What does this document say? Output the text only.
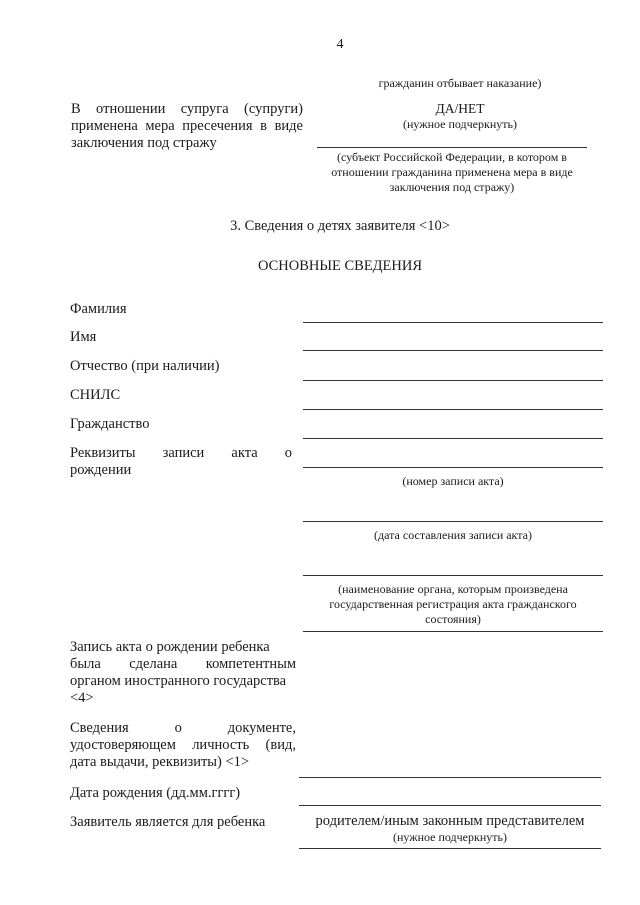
4
гражданин отбывает наказание)
В отношении супруга (супруги)
применена мера пресечения в виде
заключения под стражу
ДА/НЕТ
(нужное подчеркнуть)
(субъект Российской Федерации, в котором в
отношении гражданина применена мера в виде
заключения под стражу)
3. Сведения о детях заявителя <10>
ОСНОВНЫЕ СВЕДЕНИЯ
Фамилия
Имя
Отчество (при наличии)
СНИЛС
Гражданство
Реквизиты записи акта о
рождении
(номер записи акта)
(дата составления записи акта)
(наименование органа, которым произведена
государственная регистрация акта гражданского
состояния)
Запись акта о рождении ребенка
была сделана компетентным
органом иностранного государства
<4>
Сведения о документе,
удостоверяющем личность (вид,
дата выдачи, реквизиты) <1>
Дата рождения (дд.мм.гггг)
Заявитель является для ребенка	родителем/иным законным представителем
(нужное подчеркнуть)
